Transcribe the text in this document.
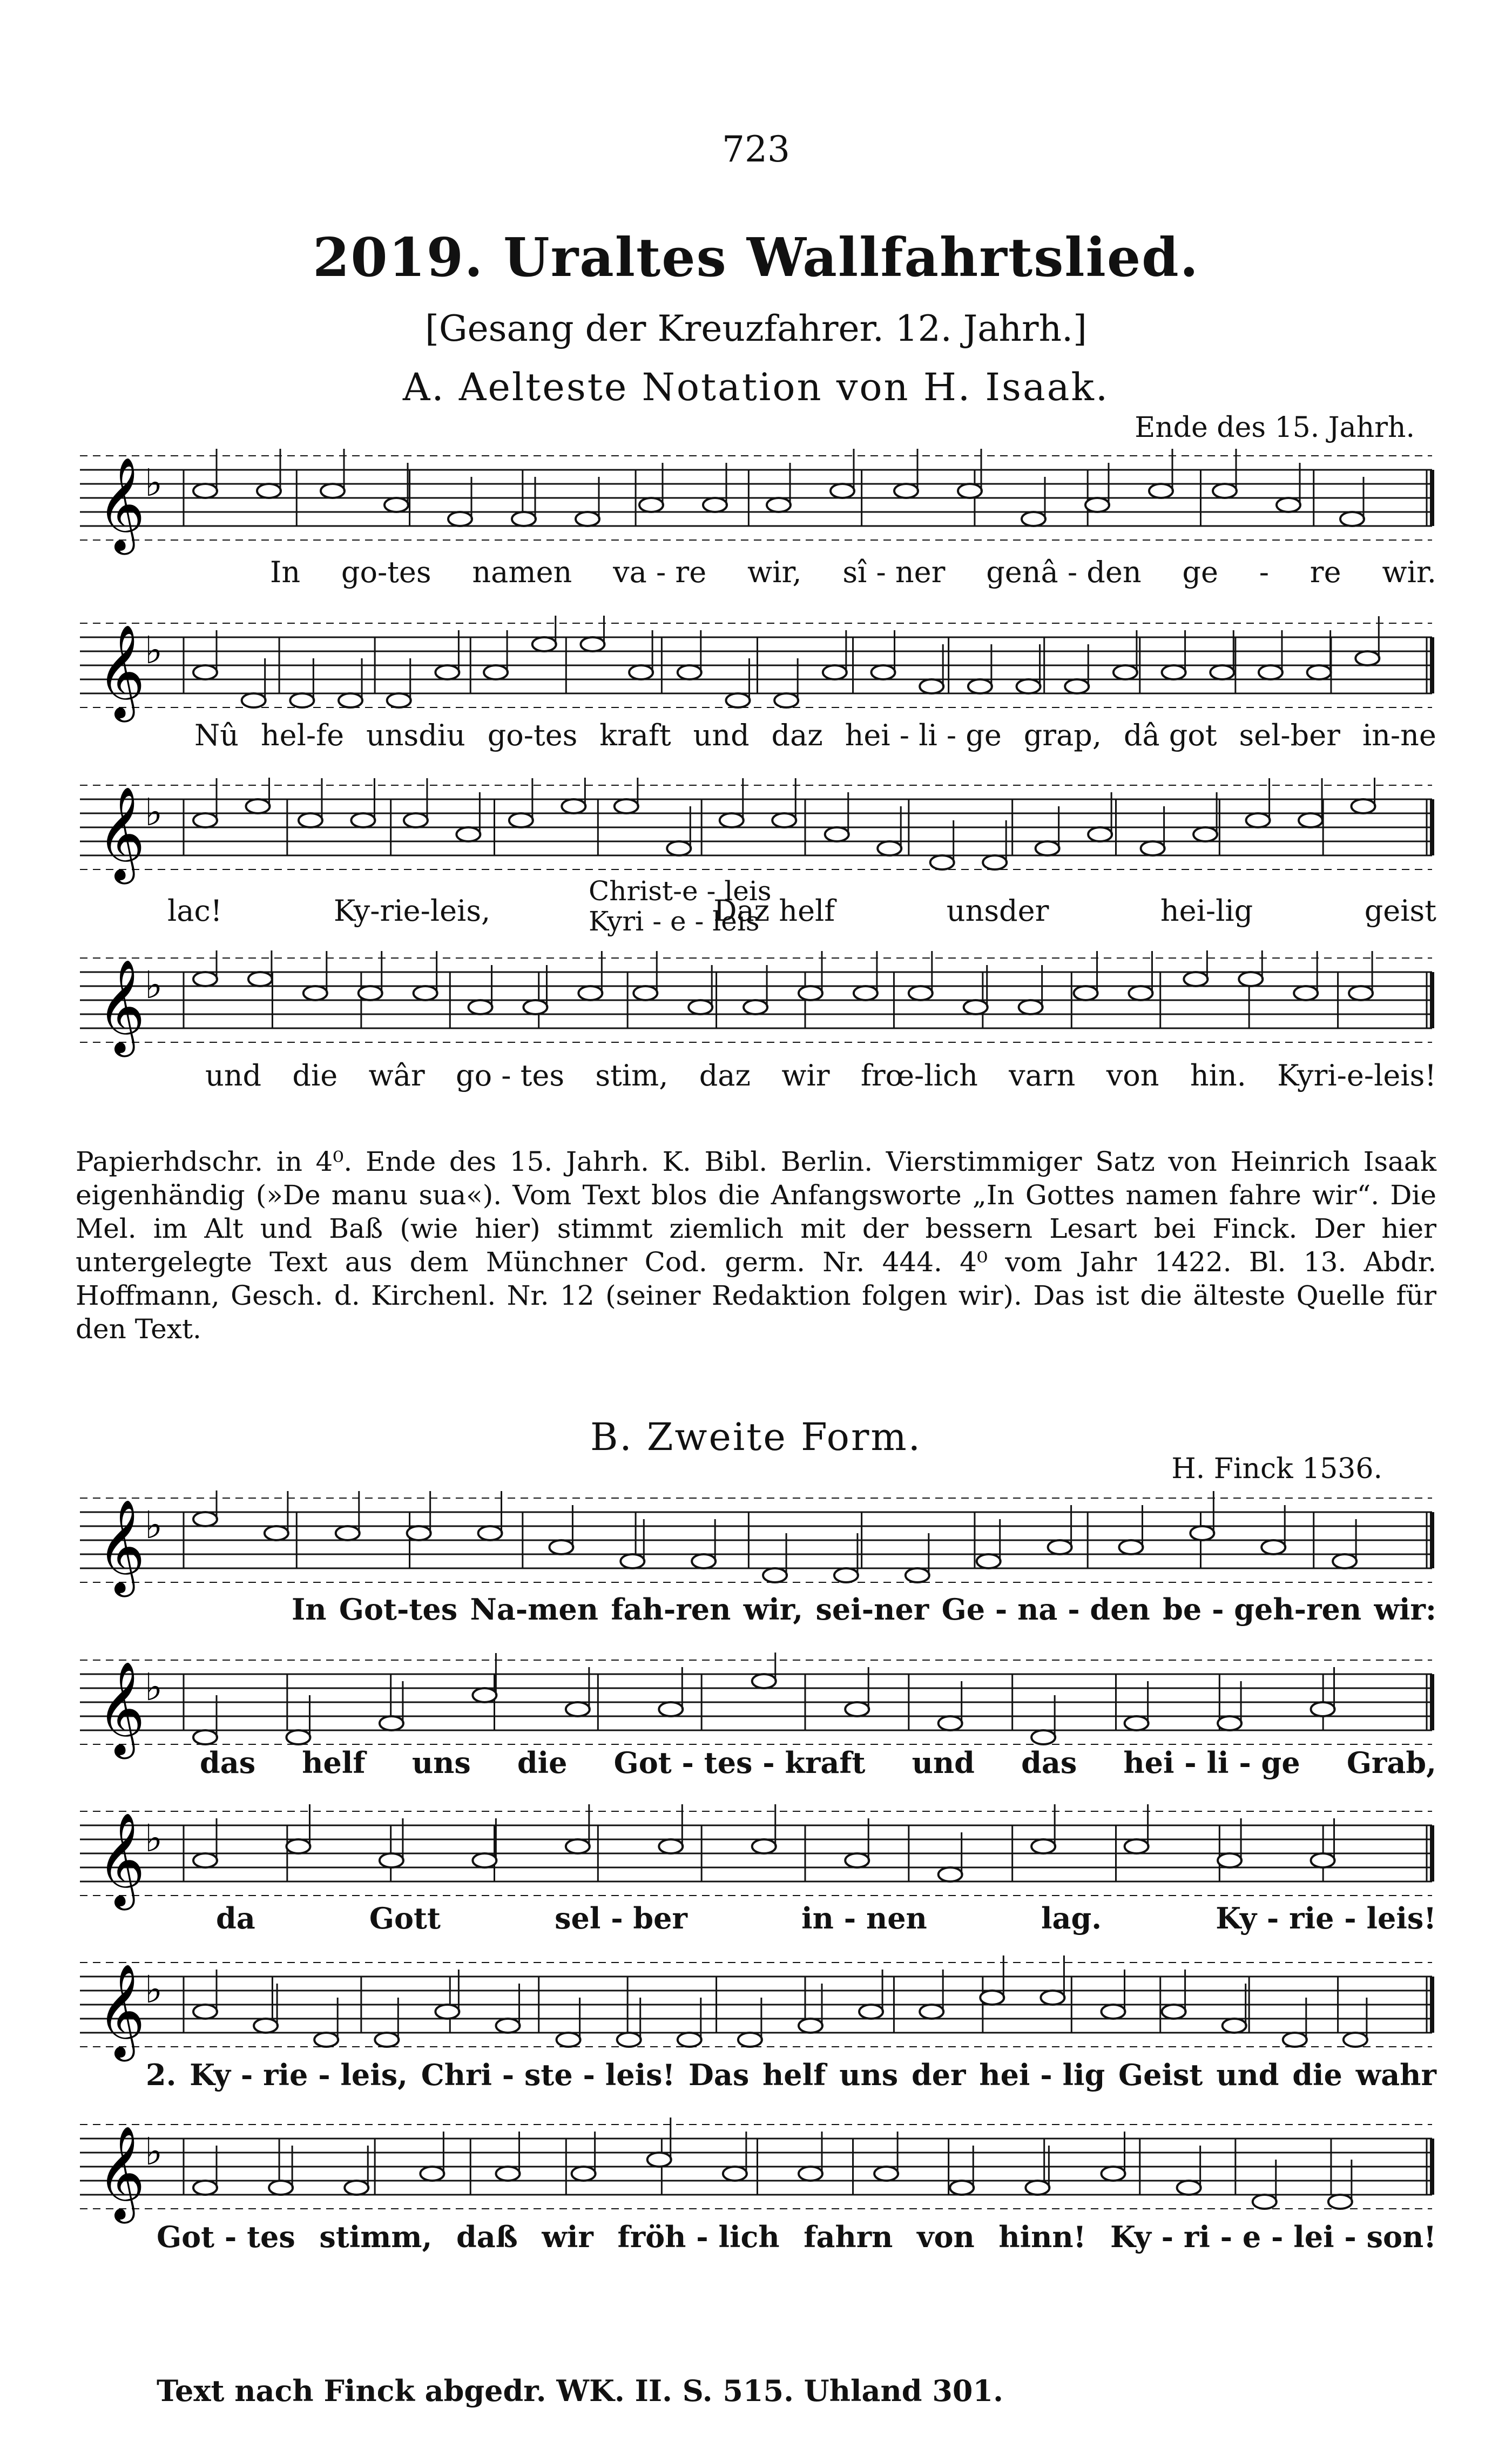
723
2019. Uraltes Wallfahrtslied.
[Gesang der Kreuzfahrer. 12. Jahrh.]
A. Aelteste Notation von H. Isaak.
Ende des 15. Jahrh.
𝄞 ♭
In go-tes namen va - re wir, sî - ner genâ - den ge - re wir.
𝄞 ♭
Nû hel-fe unsdiu go-tes kraft und daz hei - li - ge grap, dâ got sel-ber in-ne
𝄞 ♭
lac!	Ky-rie-leis,	Daz helf	unsder	hei-lig	geist
Christ-e - leis
Kyri - e - leis
𝄞 ♭
und die wâr go - tes stim, daz wir frœ-lich varn von hin. Kyri-e-leis!
Papierhdschr. in 4⁰. Ende des 15. Jahrh. K. Bibl. Berlin. Vierstimmiger Satz von Heinrich Isaak eigenhändig (»De manu sua«). Vom Text blos die Anfangsworte „In Gottes namen fahre wir“. Die Mel. im Alt und Baß (wie hier) stimmt ziemlich mit der bessern Lesart bei Finck. Der hier untergelegte Text aus dem Münchner Cod. germ. Nr. 444. 4⁰ vom Jahr 1422. Bl. 13. Abdr. Hoffmann, Gesch. d. Kirchenl. Nr. 12 (seiner Redaktion folgen wir). Das ist die älteste Quelle für den Text.
B. Zweite Form.
H. Finck 1536.
𝄞 ♭
In Got-tes Na-men fah-ren wir, sei-ner Ge - na - den be - geh-ren wir:
𝄞 ♭
das helf uns die Got - tes - kraft und das hei - li - ge Grab,
𝄞 ♭
da	Gott	sel - ber	in - nen	lag.	Ky - rie - leis!
𝄞 ♭
2. Ky - rie - leis, Chri - ste - leis! Das helf uns der hei - lig Geist und die wahr
𝄞 ♭
Got - tes stimm, daß wir fröh - lich fahrn von hinn! Ky - ri - e - lei - son!
Text nach Finck abgedr. WK. II. S. 515. Uhland 301.
